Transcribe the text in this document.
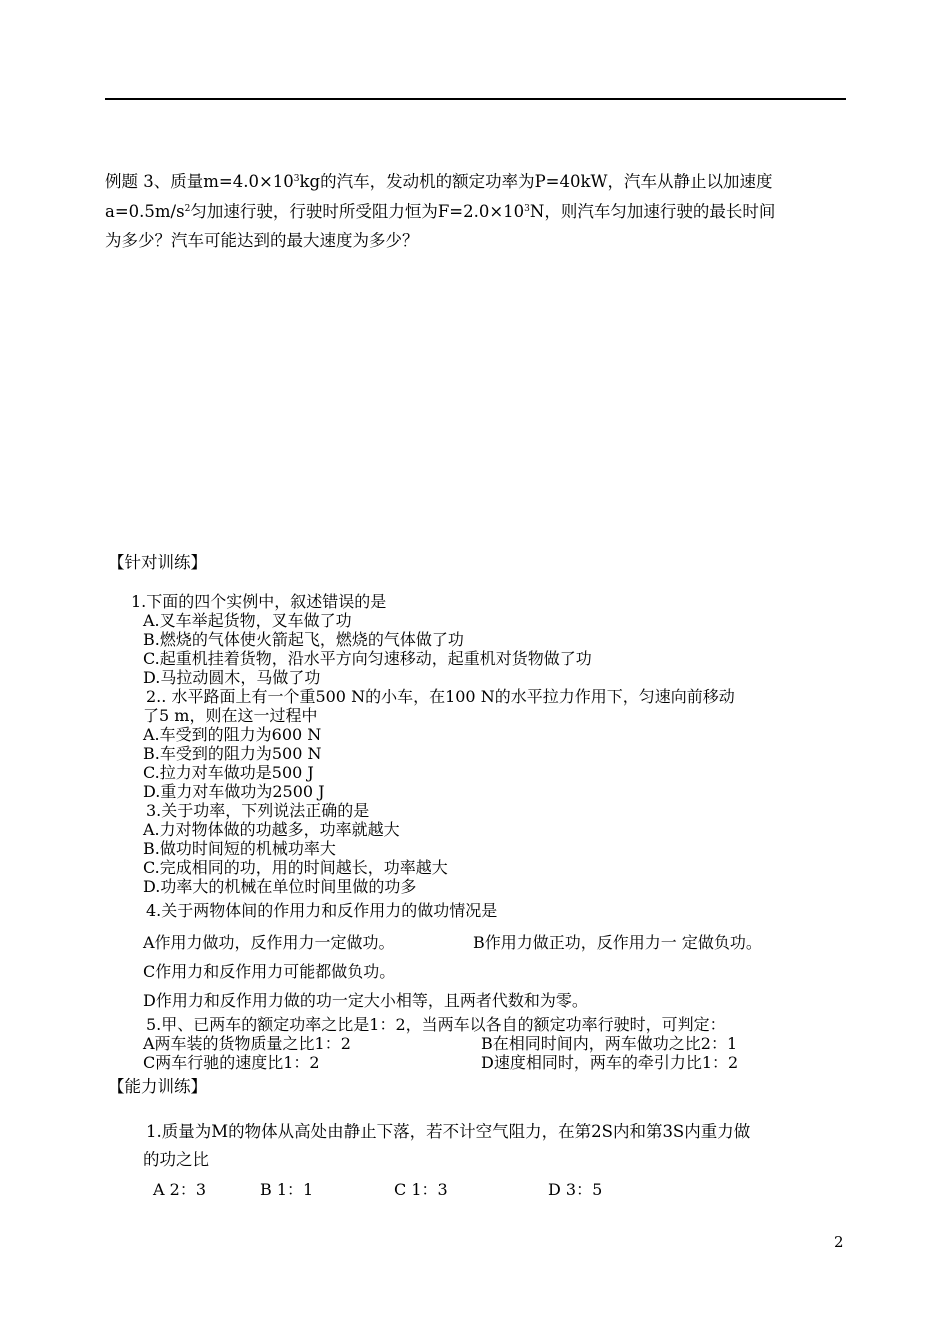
例题 3、质量$m=4.0\times 10^3kg$的汽车，发动机的额定功率为P=40kW，汽车从静止以加速度
$a=0.5m/s^2$匀加速行驶，行驶时所受阻力恒为$F=2.0\times 10^3N$，则汽车匀加速行驶的最长时间
为多少？汽车可能达到的最大速度为多少？
【针对训练】
1.下面的四个实例中，叙述错误的是
A.叉车举起货物，叉车做了功
B.燃烧的气体使火箭起飞，燃烧的气体做了功
C.起重机挂着货物，沿水平方向匀速移动，起重机对货物做了功
D.马拉动圆木，马做了功
2.. 水平路面上有一个重500 N的小车，在100 N的水平拉力作用下，匀速向前移动
了5 m，则在这一过程中
A.车受到的阻力为600 N
B.车受到的阻力为500 N
C.拉力对车做功是500 J
D.重力对车做功为2500 J
3.关于功率，下列说法正确的是
A.力对物体做的功越多，功率就越大
B.做功时间短的机械功率大
C.完成相同的功，用的时间越长，功率越大
D.功率大的机械在单位时间里做的功多
4.关于两物体间的作用力和反作用力的做功情况是
A作用力做功，反作用力一定做功。	B作用力做正功，反作用力一 定做负功。
C作用力和反作用力可能都做负功。
D作用力和反作用力做的功一定大小相等，且两者代数和为零。
5.甲、已两车的额定功率之比是1：2，当两车以各自的额定功率行驶时，可判定：
A两车装的货物质量之比1：2	B在相同时间内，两车做功之比2：1
C两车行驰的速度比1：2	D速度相同时，两车的牵引力比1：2
【能力训练】
1.质量为M的物体从高处由静止下落，若不计空气阻力，在第2S内和第3S内重力做
的功之比
A 2：3	B 1：1	C 1：3	D 3：5
2
